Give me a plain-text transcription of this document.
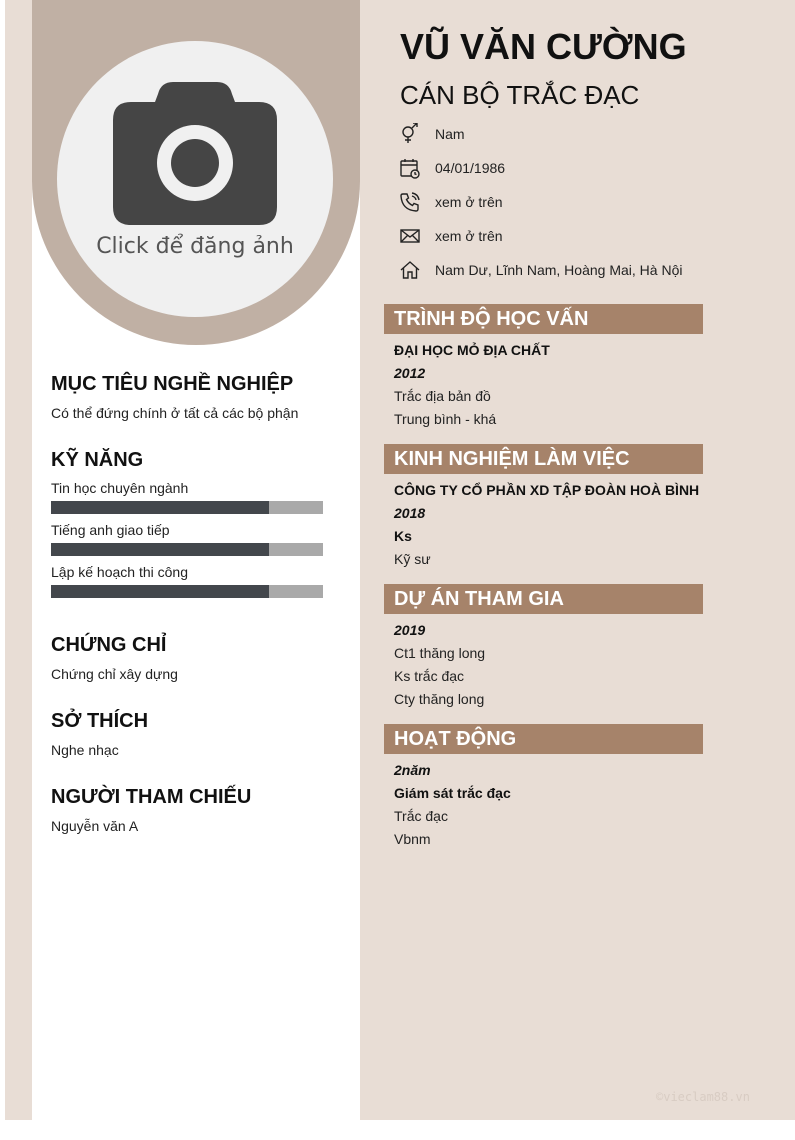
Click để đăng ảnh
MỤC TIÊU NGHỀ NGHIỆP
Có thể đứng chính ở tất cả các bộ phận
KỸ NĂNG
Tin học chuyên ngành
Tiếng anh giao tiếp
Lập kế hoạch thi công
CHỨNG CHỈ
Chứng chỉ xây dựng
SỞ THÍCH
Nghe nhạc
NGƯỜI THAM CHIẾU
Nguyễn văn A
VŨ VĂN CƯỜNG
CÁN BỘ TRẮC ĐẠC
Nam
04/01/1986
xem ở trên
xem ở trên
Nam Dư, Lĩnh Nam, Hoàng Mai, Hà Nội
TRÌNH ĐỘ HỌC VẤN
ĐẠI HỌC MỎ ĐỊA CHẤT
2012
Trắc địa bản đồ
Trung bình - khá
KINH NGHIỆM LÀM VIỆC
CÔNG TY CỔ PHẦN XD TẬP ĐOÀN HOÀ BÌNH
2018
Ks
Kỹ sư
DỰ ÁN THAM GIA
2019
Ct1 thăng long
Ks trắc đạc
Cty thăng long
HOẠT ĐỘNG
2năm
Giám sát trắc đạc
Trắc đạc
Vbnm
©vieclam88.vn
